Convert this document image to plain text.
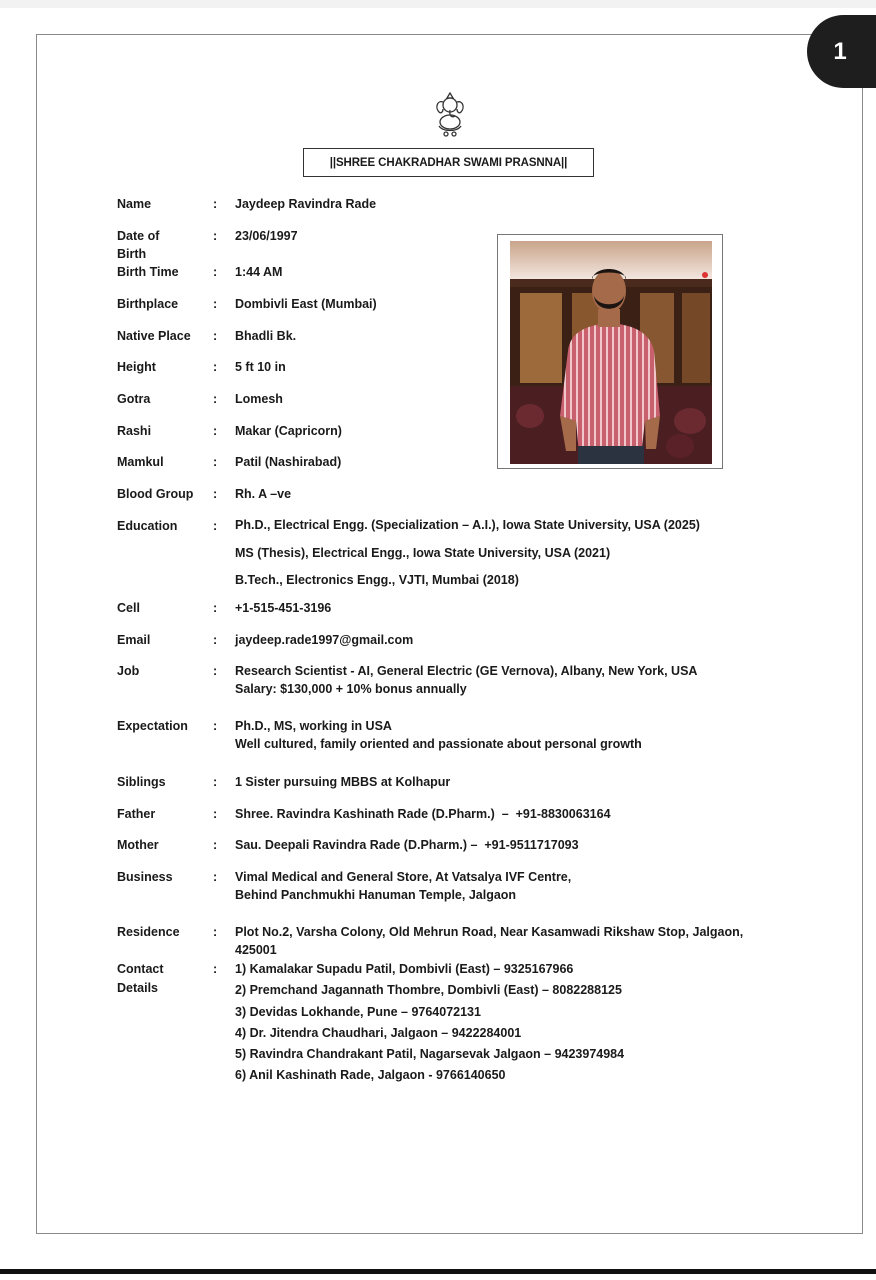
1
||SHREE CHAKRADHAR SWAMI PRASNNA||
Name	: Jaydeep Ravindra Rade
Date of Birth
: 23/06/1997
Birth Time	: 1:44 AM
Birthplace	: Dombivli East (Mumbai)
Native Place	: Bhadli Bk.
Height	: 5 ft 10 in
Gotra	: Lomesh
Rashi	: Makar (Capricorn)
Mamkul	: Patil (Nashirabad)
Blood Group	: Rh. A –ve
Education	: Ph.D., Electrical Engg. (Specialization – A.I.), Iowa State University, USA (2025)
MS (Thesis), Electrical Engg., Iowa State University, USA (2021)
B.Tech., Electronics Engg., VJTI, Mumbai (2018)
Cell	: +1-515-451-3196
Email	: jaydeep.rade1997@gmail.com
Job	: Research Scientist - AI, General Electric (GE Vernova), Albany, New York, USA
Salary: $130,000 + 10% bonus annually
Expectation	: Ph.D., MS, working in USA
Well cultured, family oriented and passionate about personal growth
Siblings	: 1 Sister pursuing MBBS at Kolhapur
Father	: Shree. Ravindra Kashinath Rade (D.Pharm.)  –  +91-8830063164
Mother	: Sau. Deepali Ravindra Rade (D.Pharm.) –  +91-9511717093
Business	: Vimal Medical and General Store, At Vatsalya IVF Centre,
Behind Panchmukhi Hanuman Temple, Jalgaon
Residence	: Plot No.2, Varsha Colony, Old Mehrun Road, Near Kasamwadi Rikshaw Stop, Jalgaon,
425001
Contact Details
: 1) Kamalakar Supadu Patil, Dombivli (East) – 9325167966
2) Premchand Jagannath Thombre, Dombivli (East) – 8082288125
3) Devidas Lokhande, Pune – 9764072131
4) Dr. Jitendra Chaudhari, Jalgaon – 9422284001
5) Ravindra Chandrakant Patil, Nagarsevak Jalgaon – 9423974984
6) Anil Kashinath Rade, Jalgaon - 9766140650
